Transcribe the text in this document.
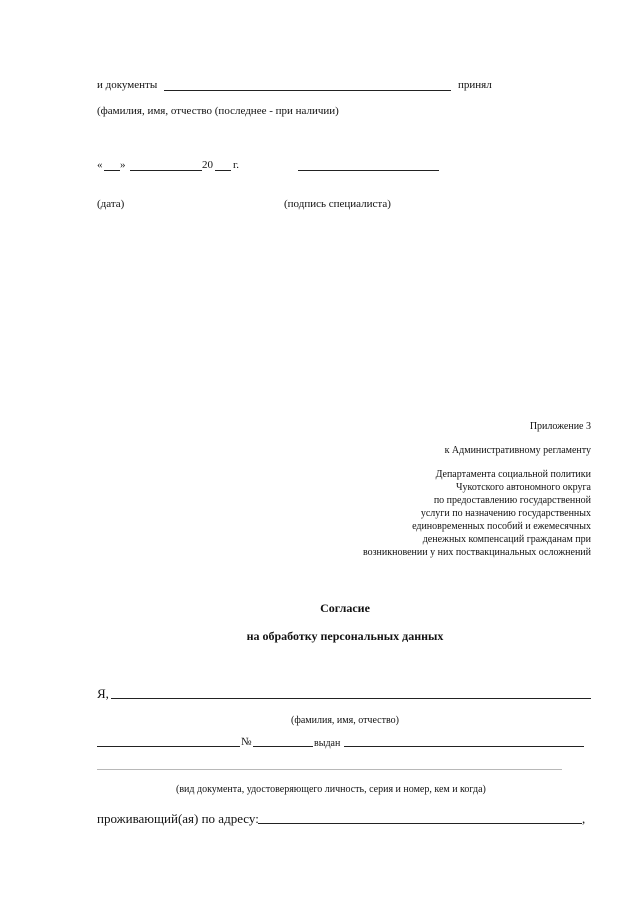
и документы	принял
(фамилия, имя, отчество (последнее - при наличии)
« »	20 г.
(дата)	(подпись специалиста)
Приложение 3
к Административному регламенту
Департамента социальной политики
Чукотского автономного округа
по предоставлению государственной
услуги по назначению государственных
единовременных пособий и ежемесячных
денежных компенсаций гражданам при
возникновении у них поствакцинальных осложнений
Согласие
на обработку персональных данных
Я,
(фамилия, имя, отчество)
№	выдан
(вид документа, удостоверяющего личность, серия и номер, кем и когда)
проживающий(ая) по адресу:	,
